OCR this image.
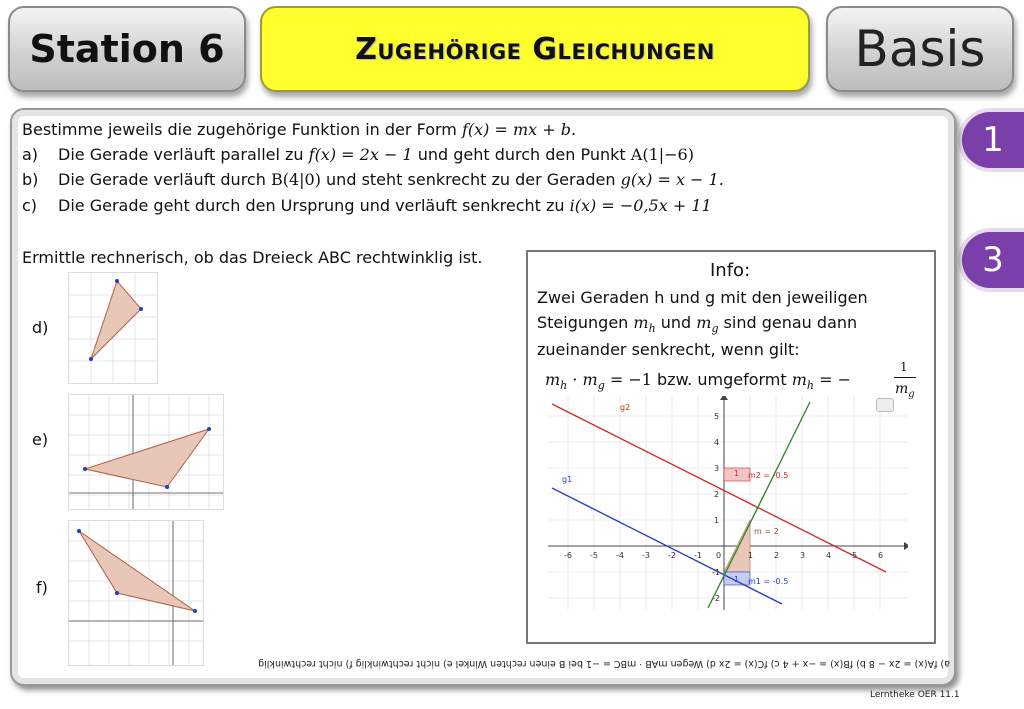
Station 6	Zugehörige Gleichungen	Basis
1
3
Bestimme jeweils die zugehörige Funktion in der Form f(x) = mx + b.
a) Die Gerade verläuft parallel zu f(x) = 2x − 1 und geht durch den Punkt A(1|−6)
b) Die Gerade verläuft durch B(4|0) und steht senkrecht zu der Geraden g(x) = x − 1.
c) Die Gerade geht durch den Ursprung und verläuft senkrecht zu i(x) = −0,5x + 11
Ermittle rechnerisch, ob das Dreieck ABC rechtwinklig ist.
d)
e)
f)
Info:
Zwei Geraden h und g mit den jeweiligen
Steigungen $m_h$ und $m_g$ sind genau dann
zueinander senkrecht, wenn gilt:
$m_h \cdot m_g = -1$ bzw. umgeformt $m_h$ = −
1
$m_g$
-6 -5 -4 -3 -2 -1 0	1	2	3	4	5	6
5
4
3
2
1
-1
-2
g2
g1	m2 = -0.5
m = 2
m1 = -0.5
1
1
a) fA(x) = 2x − 8 b) fB(x) = −x + 4 c) fC(x) = 2x d) Wegen mAB · mBC = −1 bei B einen rechten Winkel e) nicht rechtwinklig f) nicht rechtwinklig
Lerntheke OER 11.1
